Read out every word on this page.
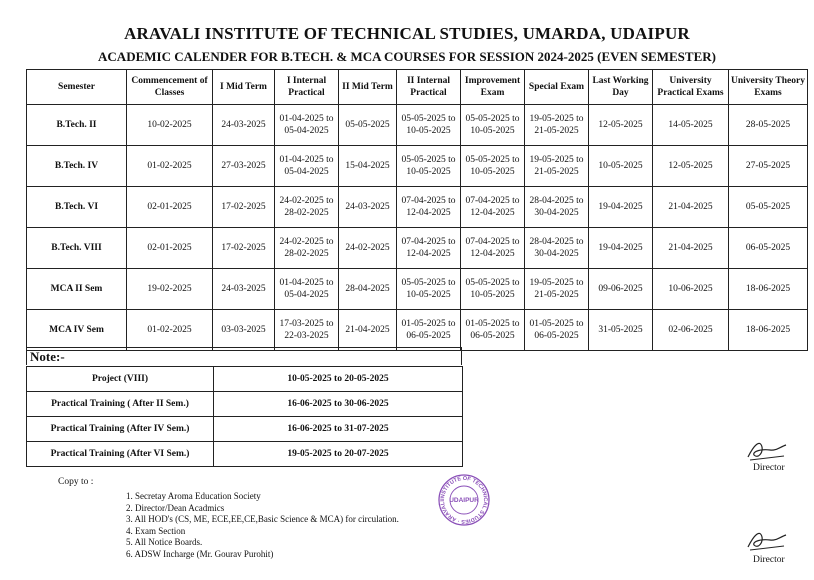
ARAVALI INSTITUTE OF TECHNICAL STUDIES, UMARDA, UDAIPUR
ACADEMIC CALENDER FOR B.TECH. & MCA COURSES FOR SESSION 2024-2025 (EVEN SEMESTER)
Semester	Commencement of Classes	I Mid Term	I Internal Practical	II Mid Term	II Internal Practical	Improvement Exam	Special Exam	Last Working Day	University Practical Exams	University Theory Exams
B.Tech. II	10-02-2025	24-03-2025	01-04-2025 to 05-04-2025	05-05-2025	05-05-2025 to 10-05-2025	05-05-2025 to 10-05-2025	19-05-2025 to 21-05-2025	12-05-2025	14-05-2025	28-05-2025
B.Tech. IV	01-02-2025	27-03-2025	01-04-2025 to 05-04-2025	15-04-2025	05-05-2025 to 10-05-2025	05-05-2025 to 10-05-2025	19-05-2025 to 21-05-2025	10-05-2025	12-05-2025	27-05-2025
B.Tech. VI	02-01-2025	17-02-2025	24-02-2025 to 28-02-2025	24-03-2025	07-04-2025 to 12-04-2025	07-04-2025 to 12-04-2025	28-04-2025 to 30-04-2025	19-04-2025	21-04-2025	05-05-2025
B.Tech. VIII	02-01-2025	17-02-2025	24-02-2025 to 28-02-2025	24-02-2025	07-04-2025 to 12-04-2025	07-04-2025 to 12-04-2025	28-04-2025 to 30-04-2025	19-04-2025	21-04-2025	06-05-2025
MCA II Sem	19-02-2025	24-03-2025	01-04-2025 to 05-04-2025	28-04-2025	05-05-2025 to 10-05-2025	05-05-2025 to 10-05-2025	19-05-2025 to 21-05-2025	09-06-2025	10-06-2025	18-06-2025
MCA IV Sem	01-02-2025	03-03-2025	17-03-2025 to 22-03-2025	21-04-2025	01-05-2025 to 06-05-2025	01-05-2025 to 06-05-2025	01-05-2025 to 06-05-2025	31-05-2025	02-06-2025	18-06-2025
Note:-
Project (VIII)	10-05-2025 to 20-05-2025
Practical Training ( After II Sem.)	16-06-2025 to 30-06-2025
Practical Training (After IV Sem.)	16-06-2025 to 31-07-2025
Practical Training (After VI Sem.)	19-05-2025 to 20-07-2025
Copy to :
1. Secretay Aroma Education Society
2. Director/Dean Acadmics
3. All HOD's (CS, ME, ECE,EE,CE,Basic Science & MCA) for circulation.
4. Exam Section
5. All Notice Boards.
6. ADSW Incharge (Mr. Gourav Purohit)
INSTITUTE OF TECHNICAL STUDIES · ARAVALI UDAIPUR
Director
Director
